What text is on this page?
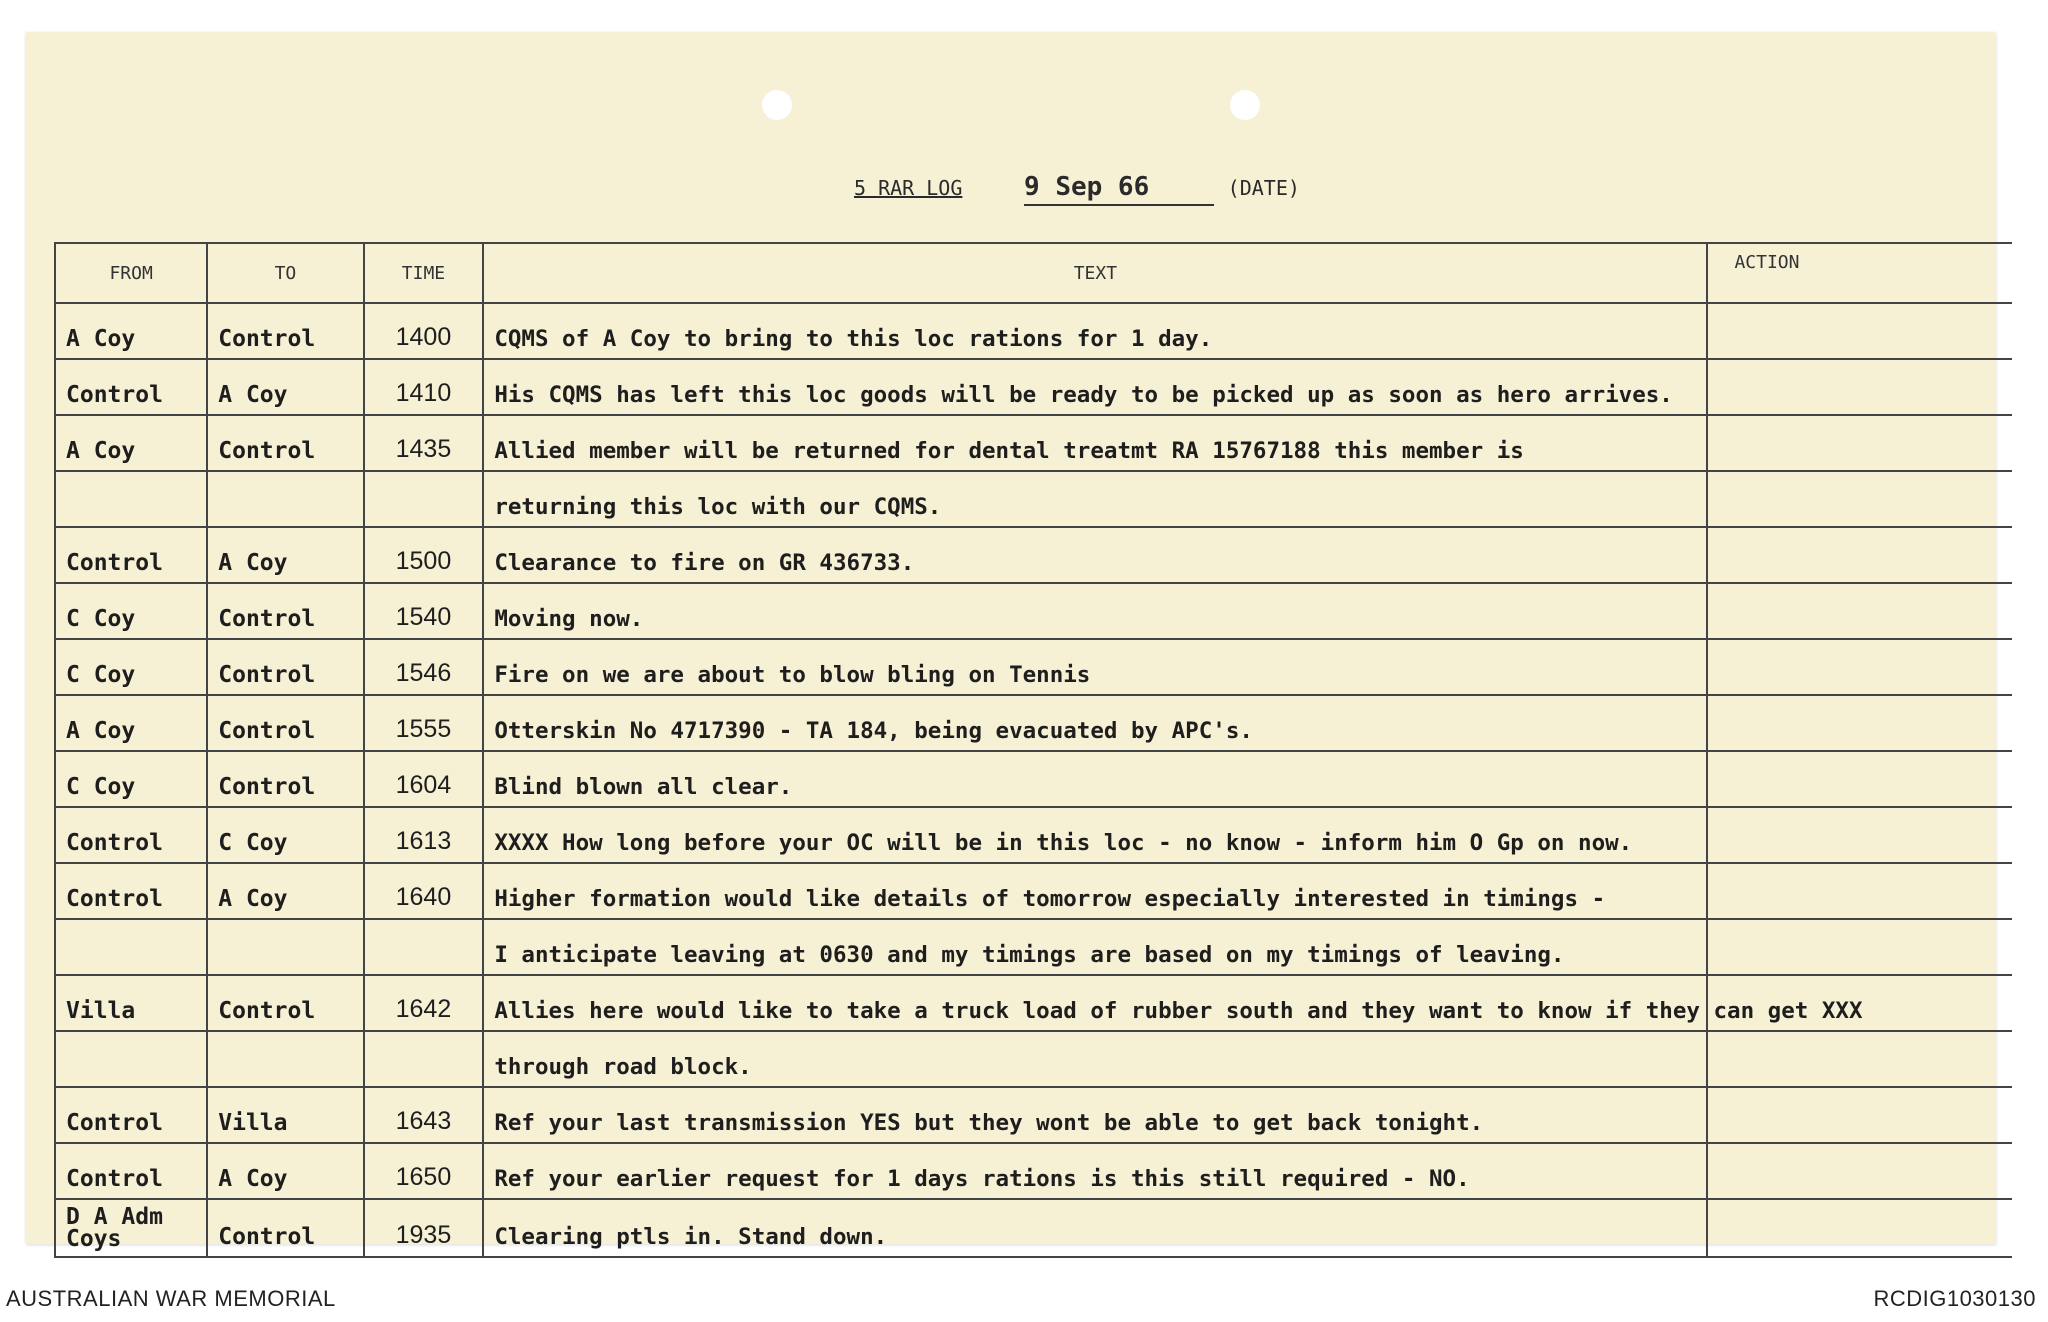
5 RAR LOG 9 Sep 66	(DATE)
FROM	TO	TIME	TEXT	ACTION
A Coy	Control	1400	CQMS of A Coy to bring to this loc rations for 1 day.	
Control	A Coy	1410	His CQMS has left this loc goods will be ready to be picked up as soon as hero arrives.	
A Coy	Control	1435	Allied member will be returned for dental treatmt RA 15767188 this member is	
			returning this loc with our CQMS.	
Control	A Coy	1500	Clearance to fire on GR 436733.	
C Coy	Control	1540	Moving now.	
C Coy	Control	1546	Fire on we are about to blow bling on Tennis	
A Coy	Control	1555	Otterskin No 4717390 - TA 184, being evacuated by APC's.	
C Coy	Control	1604	Blind blown all clear.	
Control	C Coy	1613	XXXX How long before your OC will be in this loc - no know - inform him O Gp on now.	
Control	A Coy	1640	Higher formation would like details of tomorrow especially interested in timings -	
			I anticipate leaving at 0630 and my timings are based on my timings of leaving.	
Villa	Control	1642	Allies here would like to take a truck load of rubber south and they want to know if they can get XXX	
			through road block.	
Control	Villa	1643	Ref your last transmission YES but they wont be able to get back tonight.	
Control	A Coy	1650	Ref your earlier request for 1 days rations is this still required - NO.	
D A Adm
Coys	Control	1935	Clearing ptls in. Stand down.	
AUSTRALIAN WAR MEMORIAL	RCDIG1030130
